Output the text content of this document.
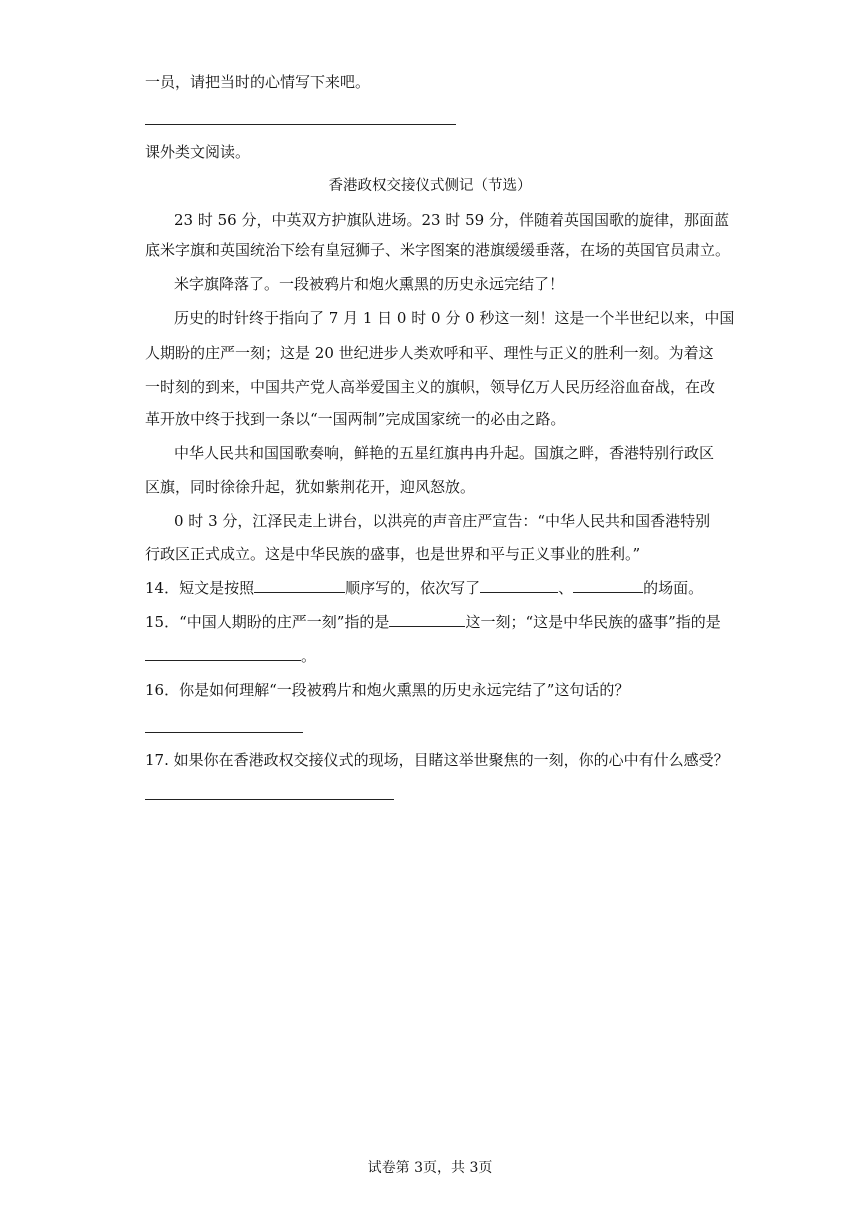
一员，请把当时的心情写下来吧。
课外类文阅读。
香港政权交接仪式侧记（节选）
23 时 56 分，中英双方护旗队进场。23 时 59 分，伴随着英国国歌的旋律，那面蓝
底米字旗和英国统治下绘有皇冠狮子、米字图案的港旗缓缓垂落，在场的英国官员肃立。
米字旗降落了。一段被鸦片和炮火熏黑的历史永远完结了！
历史的时针终于指向了 7 月 1 日 0 时 0 分 0 秒这一刻！这是一个半世纪以来，中国
人期盼的庄严一刻；这是 20 世纪进步人类欢呼和平、理性与正义的胜利一刻。为着这
一时刻的到来，中国共产党人高举爱国主义的旗帜，领导亿万人民历经浴血奋战，在改
革开放中终于找到一条以“一国两制”完成国家统一的必由之路。
中华人民共和国国歌奏响，鲜艳的五星红旗冉冉升起。国旗之畔，香港特别行政区
区旗，同时徐徐升起，犹如紫荆花开，迎风怒放。
0 时 3 分，江泽民走上讲台，以洪亮的声音庄严宣告：“中华人民共和国香港特别
行政区正式成立。这是中华民族的盛事，也是世界和平与正义事业的胜利。”
14．短文是按照	顺序写的，依次写了	、	的场面。
15．“中国人期盼的庄严一刻”指的是	这一刻；“这是中华民族的盛事”指的是
。
16．你是如何理解“一段被鸦片和炮火熏黑的历史永远完结了”这句话的？
17. 如果你在香港政权交接仪式的现场，目睹这举世聚焦的一刻，你的心中有什么感受？
试卷第 3页，共 3页
